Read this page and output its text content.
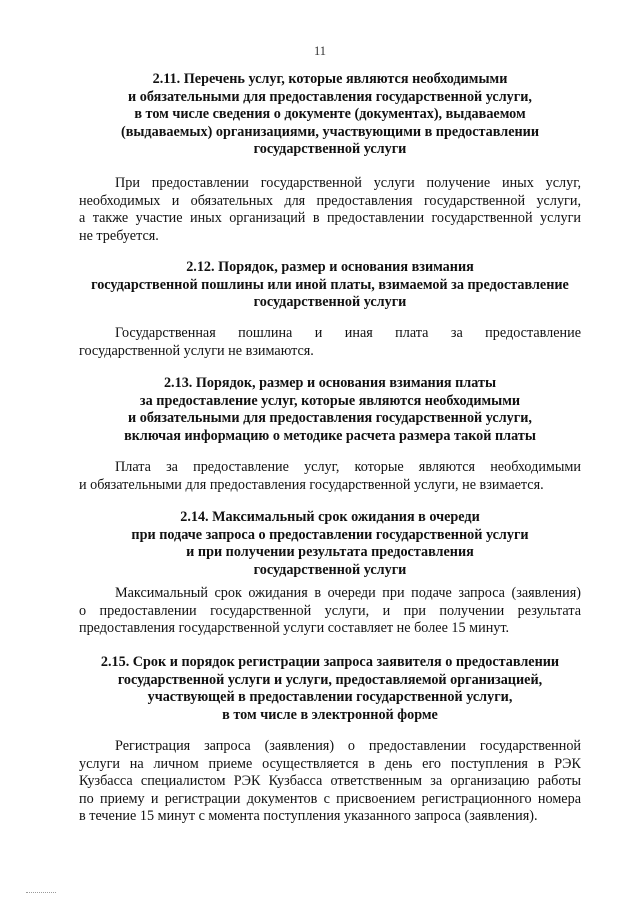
11
2.11. Перечень услуг, которые являются необходимыми
и обязательными для предоставления государственной услуги,
в том числе сведения о документе (документах), выдаваемом
(выдаваемых) организациями, участвующими в предоставлении
государственной услуги
При предоставлении государственной услуги получение иных услуг,
необходимых и обязательных для предоставления государственной услуги,
а также участие иных организаций в предоставлении государственной услуги
не требуется.
2.12. Порядок, размер и основания взимания
государственной пошлины или иной платы, взимаемой за предоставление
государственной услуги
Государственная пошлина и иная плата за предоставление
государственной услуги не взимаются.
2.13. Порядок, размер и основания взимания платы
за предоставление услуг, которые являются необходимыми
и обязательными для предоставления государственной услуги,
включая информацию о методике расчета размера такой платы
Плата за предоставление услуг, которые являются необходимыми
и обязательными для предоставления государственной услуги, не взимается.
2.14. Максимальный срок ожидания в очереди
при подаче запроса о предоставлении государственной услуги
и при получении результата предоставления
государственной услуги
Максимальный срок ожидания в очереди при подаче запроса (заявления)
о предоставлении государственной услуги, и при получении результата
предоставления государственной услуги составляет не более 15 минут.
2.15. Срок и порядок регистрации запроса заявителя о предоставлении
государственной услуги и услуги, предоставляемой организацией,
участвующей в предоставлении государственной услуги,
в том числе в электронной форме
Регистрация запроса (заявления) о предоставлении государственной
услуги на личном приеме осуществляется в день его поступления в РЭК
Кузбасса специалистом РЭК Кузбасса ответственным за организацию работы
по приему и регистрации документов с присвоением регистрационного номера
в течение 15 минут с момента поступления указанного запроса (заявления).
